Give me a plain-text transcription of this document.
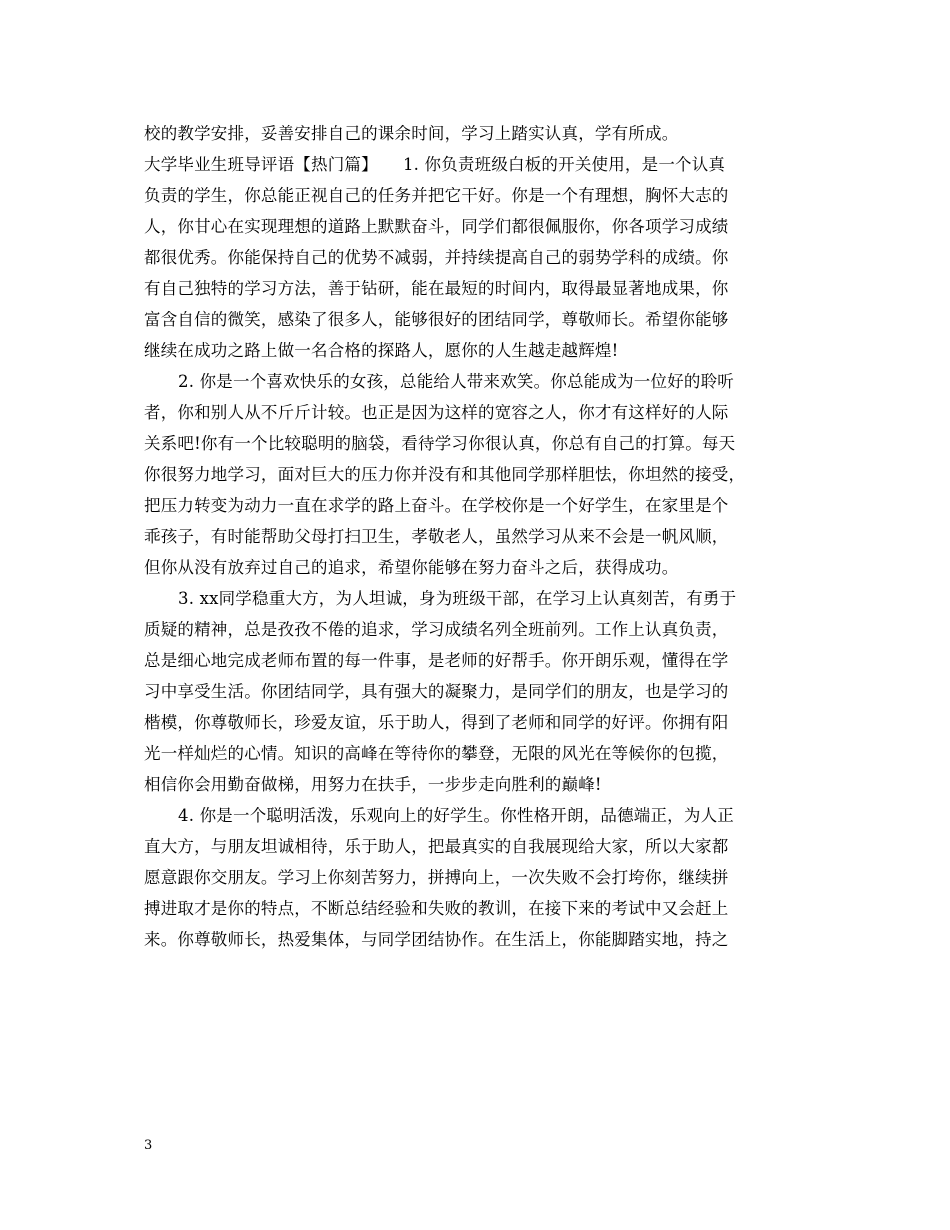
校的教学安排，妥善安排自己的课余时间，学习上踏实认真，学有所成。
大学毕业生班导评语【热门篇】　　1. 你负责班级白板的开关使用，是一个认真
负责的学生，你总能正视自己的任务并把它干好。你是一个有理想，胸怀大志的
人，你甘心在实现理想的道路上默默奋斗，同学们都很佩服你，你各项学习成绩
都很优秀。你能保持自己的优势不减弱，并持续提高自己的弱势学科的成绩。你
有自己独特的学习方法，善于钻研，能在最短的时间内，取得最显著地成果，你
富含自信的微笑，感染了很多人，能够很好的团结同学，尊敬师长。希望你能够
继续在成功之路上做一名合格的探路人，愿你的人生越走越辉煌!
2. 你是一个喜欢快乐的女孩，总能给人带来欢笑。你总能成为一位好的聆听
者，你和别人从不斤斤计较。也正是因为这样的宽容之人，你才有这样好的人际
关系吧!你有一个比较聪明的脑袋，看待学习你很认真，你总有自己的打算。每天
你很努力地学习，面对巨大的压力你并没有和其他同学那样胆怯，你坦然的接受，
把压力转变为动力一直在求学的路上奋斗。在学校你是一个好学生，在家里是个
乖孩子，有时能帮助父母打扫卫生，孝敬老人，虽然学习从来不会是一帆风顺，
但你从没有放弃过自己的追求，希望你能够在努力奋斗之后，获得成功。
3. xx同学稳重大方，为人坦诚，身为班级干部，在学习上认真刻苦，有勇于
质疑的精神，总是孜孜不倦的追求，学习成绩名列全班前列。工作上认真负责，
总是细心地完成老师布置的每一件事，是老师的好帮手。你开朗乐观，懂得在学
习中享受生活。你团结同学，具有强大的凝聚力，是同学们的朋友，也是学习的
楷模，你尊敬师长，珍爱友谊，乐于助人，得到了老师和同学的好评。你拥有阳
光一样灿烂的心情。知识的高峰在等待你的攀登，无限的风光在等候你的包揽，
相信你会用勤奋做梯，用努力在扶手，一步步走向胜利的巅峰!
4. 你是一个聪明活泼，乐观向上的好学生。你性格开朗，品德端正，为人正
直大方，与朋友坦诚相待，乐于助人，把最真实的自我展现给大家，所以大家都
愿意跟你交朋友。学习上你刻苦努力，拼搏向上，一次失败不会打垮你，继续拼
搏进取才是你的特点，不断总结经验和失败的教训，在接下来的考试中又会赶上
来。你尊敬师长，热爱集体，与同学团结协作。在生活上，你能脚踏实地，持之
3
